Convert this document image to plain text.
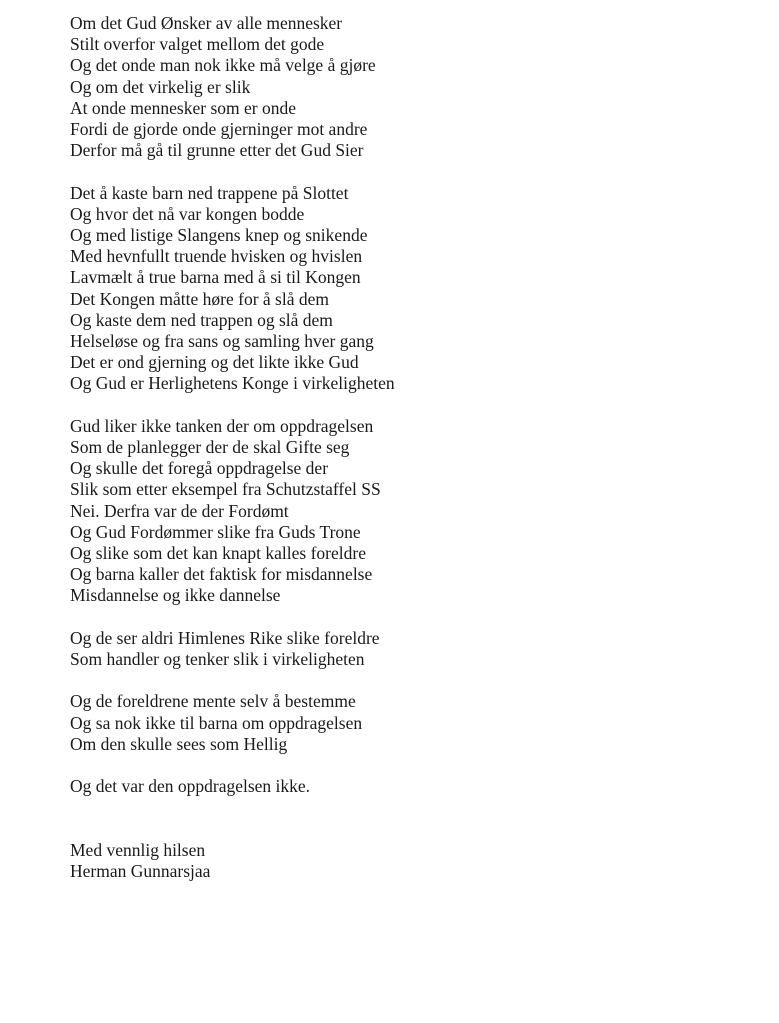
Om det Gud Ønsker av alle mennesker
Stilt overfor valget mellom det gode
Og det onde man nok ikke må velge å gjøre
Og om det virkelig er slik
At onde mennesker som er onde
Fordi de gjorde onde gjerninger mot andre
Derfor må gå til grunne etter det Gud Sier
Det å kaste barn ned trappene på Slottet
Og hvor det nå var kongen bodde
Og med listige Slangens knep og snikende
Med hevnfullt truende hvisken og hvislen
Lavmælt å true barna med å si til Kongen
Det Kongen måtte høre for å slå dem
Og kaste dem ned trappen og slå dem
Helseløse og fra sans og samling hver gang
Det er ond gjerning og det likte ikke Gud
Og Gud er Herlighetens Konge i virkeligheten
Gud liker ikke tanken der om oppdragelsen
Som de planlegger der de skal Gifte seg
Og skulle det foregå oppdragelse der
Slik som etter eksempel fra Schutzstaffel SS
Nei. Derfra var de der Fordømt
Og Gud Fordømmer slike fra Guds Trone
Og slike som det kan knapt kalles foreldre
Og barna kaller det faktisk for misdannelse
Misdannelse og ikke dannelse
Og de ser aldri Himlenes Rike slike foreldre
Som handler og tenker slik i virkeligheten
Og de foreldrene mente selv å bestemme
Og sa nok ikke til barna om oppdragelsen
Om den skulle sees som Hellig
Og det var den oppdragelsen ikke.
Med vennlig hilsen
Herman Gunnarsjaa
